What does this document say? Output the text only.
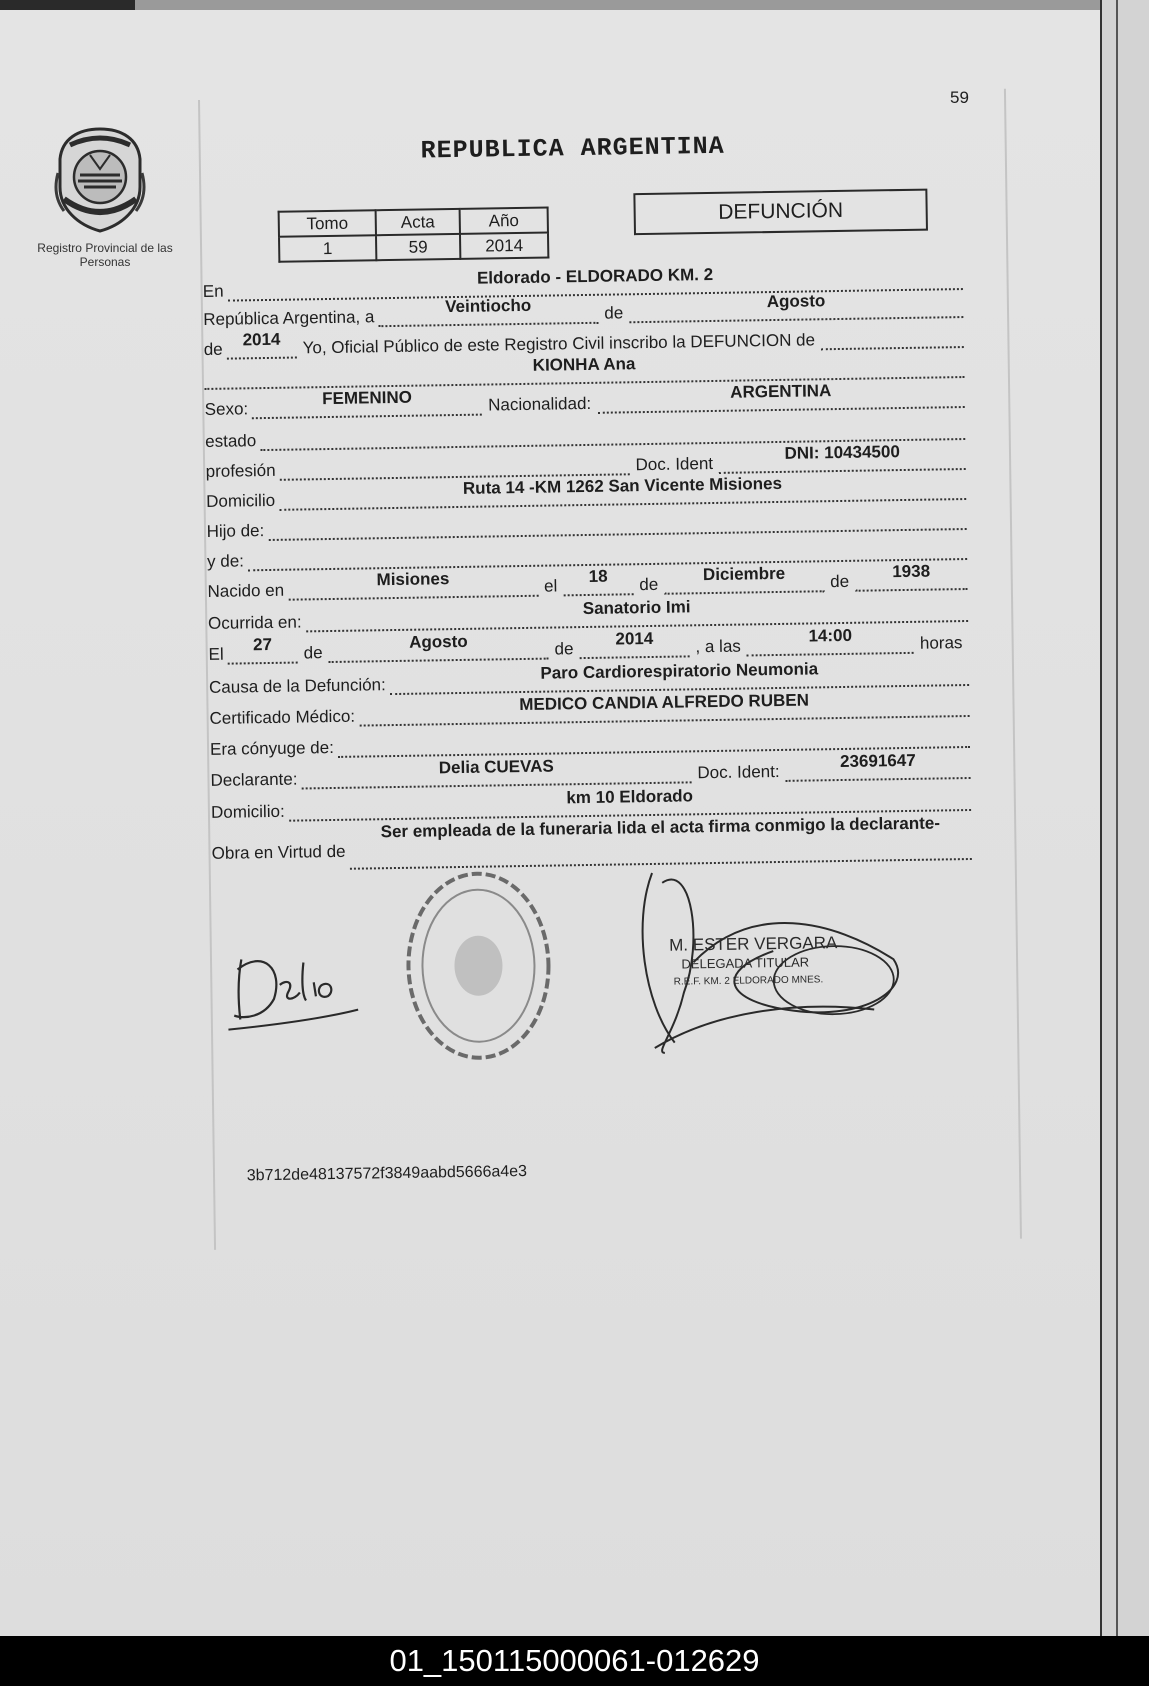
59
Registro Provincial de las Personas
REPUBLICA ARGENTINA
Tomo	Acta	Año
1	59	2014
DEFUNCIÓN
En
Eldorado - ELDORADO KM. 2
República Argentina, a
Veintiocho	de
Agosto
de	2014	Yo, Oficial Público de este Registro Civil inscribo la DEFUNCION de
KIONHA Ana
Sexo:
FEMENINO	Nacionalidad:
ARGENTINA
estado
profesión	Doc. Ident
DNI: 10434500
Domicilio
Ruta 14 -KM 1262 San Vicente Misiones
Hijo de:
y de:
Nacido en
Misiones	el
18	de
Diciembre	de
1938
Ocurrida en:
Sanatorio Imi
El
27	de
Agosto	de
2014	, a las
14:00	horas
Causa de la Defunción:
Paro Cardiorespiratorio Neumonia
Certificado Médico:
MEDICO CANDIA ALFREDO RUBEN
Era cónyuge de:
Declarante:
Delia CUEVAS	Doc. Ident:
23691647
Domicilio:
km 10 Eldorado
Obra en Virtud de
Ser empleada de la funeraria lida el acta firma conmigo la declarante-
M. ESTER VERGARA
DELEGADA TITULAR
R.E.F. KM. 2 ELDORADO MNES.
3b712de48137572f3849aabd5666a4e3
01_150115000061-012629
